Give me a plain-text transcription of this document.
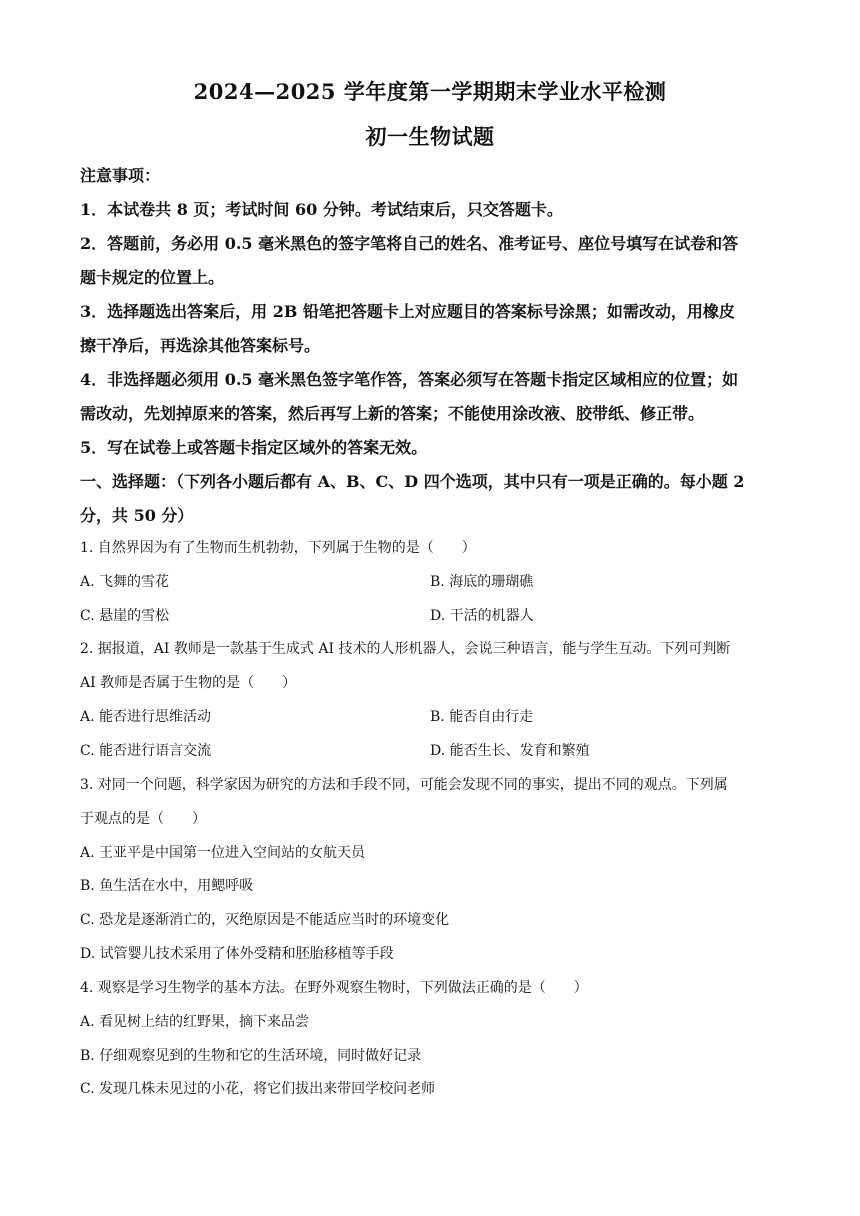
2024—2025 学年度第一学期期末学业水平检测
初一生物试题
注意事项：
1．本试卷共 8 页；考试时间 60 分钟。考试结束后，只交答题卡。
2．答题前，务必用 0.5 毫米黑色的签字笔将自己的姓名、准考证号、座位号填写在试卷和答
题卡规定的位置上。
3．选择题选出答案后，用 2B 铅笔把答题卡上对应题目的答案标号涂黑；如需改动，用橡皮
擦干净后，再选涂其他答案标号。
4．非选择题必须用 0.5 毫米黑色签字笔作答，答案必须写在答题卡指定区域相应的位置；如
需改动，先划掉原来的答案，然后再写上新的答案；不能使用涂改液、胶带纸、修正带。
5．写在试卷上或答题卡指定区域外的答案无效。
一、选择题：（下列各小题后都有 A、B、C、D 四个选项，其中只有一项是正确的。每小题 2
分，共 50 分）
1. 自然界因为有了生物而生机勃勃，下列属于生物的是（　　）
A. 飞舞的雪花	B. 海底的珊瑚礁
C. 悬崖的雪松	D. 干活的机器人
2. 据报道，AI 教师是一款基于生成式 AI 技术的人形机器人，会说三种语言，能与学生互动。下列可判断
AI 教师是否属于生物的是（　　）
A. 能否进行思维活动	B. 能否自由行走
C. 能否进行语言交流	D. 能否生长、发育和繁殖
3. 对同一个问题，科学家因为研究的方法和手段不同，可能会发现不同的事实，提出不同的观点。下列属
于观点的是（　　）
A. 王亚平是中国第一位进入空间站的女航天员
B. 鱼生活在水中，用鳃呼吸
C. 恐龙是逐渐消亡的，灭绝原因是不能适应当时的环境变化
D. 试管婴儿技术采用了体外受精和胚胎移植等手段
4. 观察是学习生物学的基本方法。在野外观察生物时，下列做法正确的是（　　）
A. 看见树上结的红野果，摘下来品尝
B. 仔细观察见到的生物和它的生活环境，同时做好记录
C. 发现几株未见过的小花，将它们拔出来带回学校问老师
